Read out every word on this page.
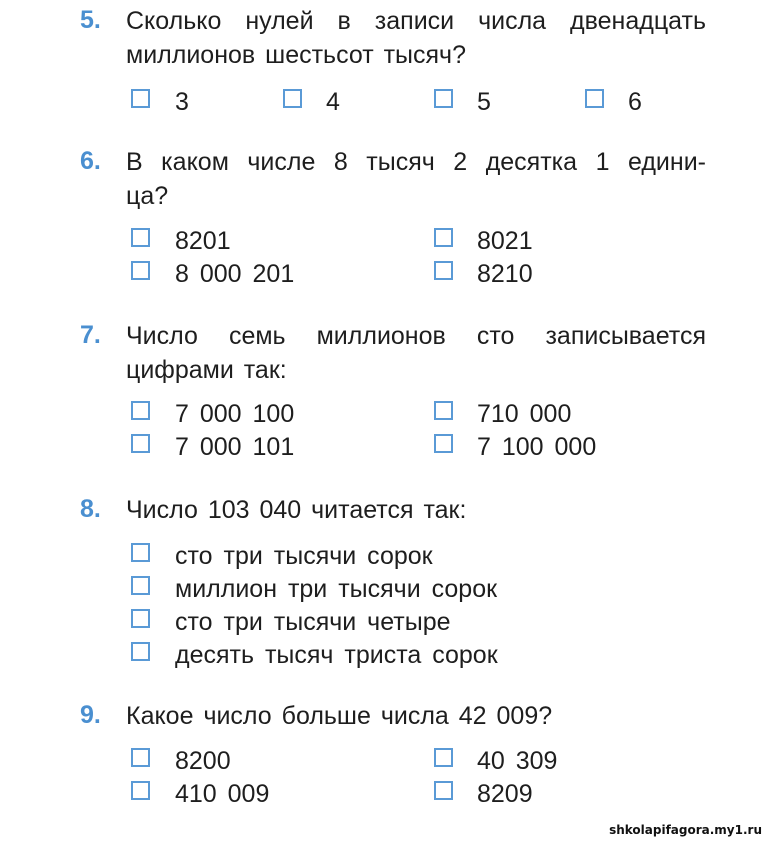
5. Сколько нулей в записи числа двенадцать
миллионов шестьсот тысяч?
3	4	5	6
6. В каком числе 8 тысяч 2 десятка 1 едини-
ца?
8201	8021
8 000 201	8210
7. Число семь миллионов сто записывается
цифрами так:
7 000 100	710 000
7 000 101	7 100 000
8. Число 103 040 читается так:
сто три тысячи сорок
миллион три тысячи сорок
сто три тысячи четыре
десять тысяч триста сорок
9. Какое число больше числа 42 009?
8200	40 309
410 009	8209
shkolapifagora.my1.ru
